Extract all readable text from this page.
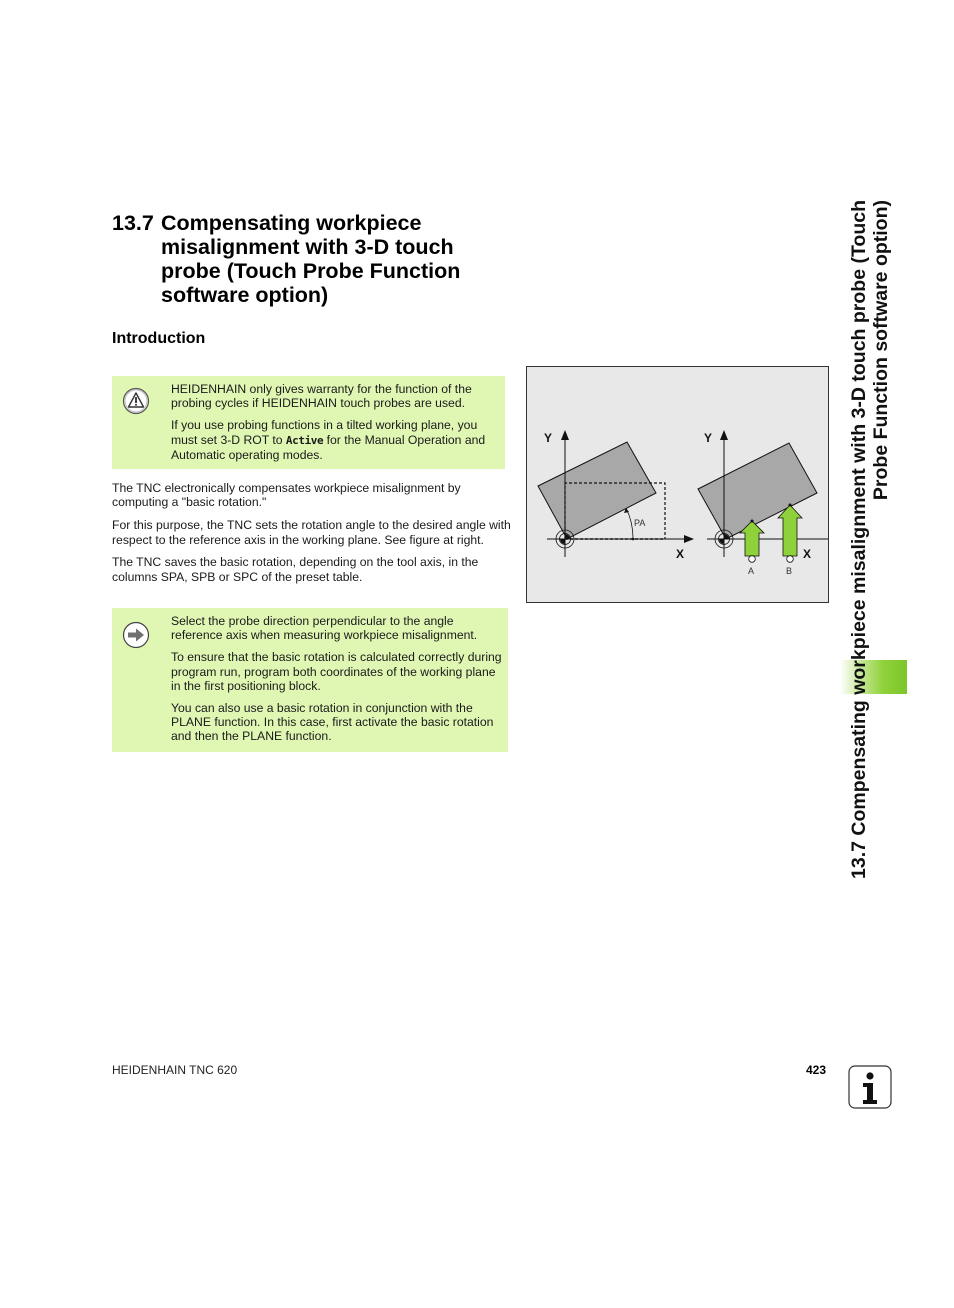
13.7 Compensating workpiece misalignment with 3-D touch probe (Touch Probe Function software option)
Introduction

HEIDENHAIN only gives warranty for the function of the probing cycles if HEIDENHAIN touch probes are used.

If you use probing functions in a tilted working plane, you must set 3-D ROT to Active for the Manual Operation and Automatic operating modes.

The TNC electronically compensates workpiece misalignment by computing a "basic rotation."

For this purpose, the TNC sets the rotation angle to the desired angle with respect to the reference axis in the working plane. See figure at right.

The TNC saves the basic rotation, depending on the tool axis, in the columns SPA, SPB or SPC of the preset table.

Select the probe direction perpendicular to the angle reference axis when measuring workpiece misalignment.

To ensure that the basic rotation is calculated correctly during program run, program both coordinates of the working plane in the first positioning block.

You can also use a basic rotation in conjunction with the PLANE function. In this case, first activate the basic rotation and then the PLANE function.

PA
Y
X
A	B
Y
X 13.7 Compensating workpiece misalignment with 3-D touch probe (Touch Probe Function software option)
HEIDENHAIN TNC 620	423
